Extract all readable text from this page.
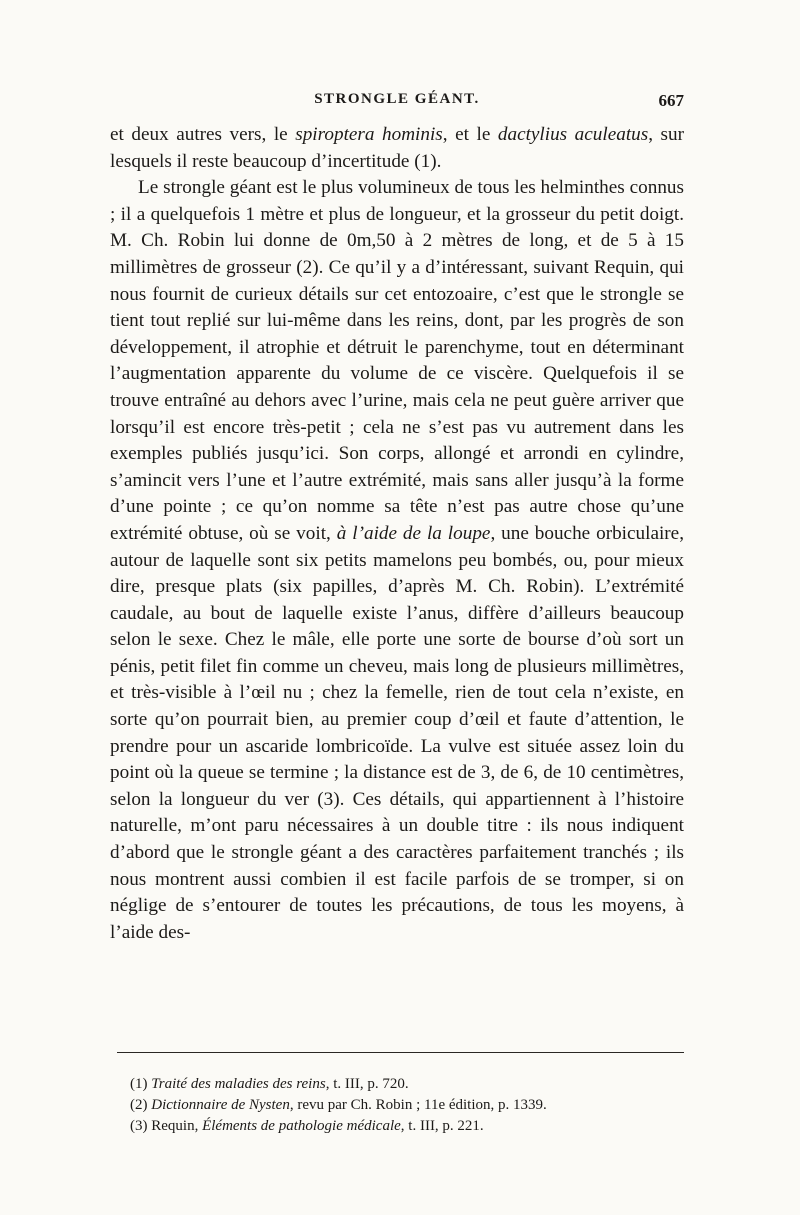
STRONGLE GÉANT.	667

et deux autres vers, le spiroptera hominis, et le dactylius aculeatus, sur lesquels il reste beaucoup d’incertitude (1).

Le strongle géant est le plus volumineux de tous les helminthes connus ; il a quelquefois 1 mètre et plus de longueur, et la grosseur du petit doigt. M. Ch. Robin lui donne de 0m,50 à 2 mètres de long, et de 5 à 15 millimètres de grosseur (2). Ce qu’il y a d’intéressant, suivant Requin, qui nous fournit de curieux détails sur cet entozoaire, c’est que le strongle se tient tout replié sur lui-même dans les reins, dont, par les progrès de son développement, il atrophie et détruit le parenchyme, tout en déterminant l’augmentation apparente du volume de ce viscère. Quelquefois il se trouve entraîné au dehors avec l’urine, mais cela ne peut guère arriver que lorsqu’il est encore très-petit ; cela ne s’est pas vu autrement dans les exemples publiés jusqu’ici. Son corps, allongé et arrondi en cylindre, s’amincit vers l’une et l’autre extrémité, mais sans aller jusqu’à la forme d’une pointe ; ce qu’on nomme sa tête n’est pas autre chose qu’une extrémité obtuse, où se voit, à l’aide de la loupe, une bouche orbiculaire, autour de laquelle sont six petits mamelons peu bombés, ou, pour mieux dire, presque plats (six papilles, d’après M. Ch. Robin). L’extrémité caudale, au bout de laquelle existe l’anus, diffère d’ailleurs beaucoup selon le sexe. Chez le mâle, elle porte une sorte de bourse d’où sort un pénis, petit filet fin comme un cheveu, mais long de plusieurs millimètres, et très-visible à l’œil nu ; chez la femelle, rien de tout cela n’existe, en sorte qu’on pourrait bien, au premier coup d’œil et faute d’attention, le prendre pour un ascaride lombricoïde. La vulve est située assez loin du point où la queue se termine ; la distance est de 3, de 6, de 10 centimètres, selon la longueur du ver (3). Ces détails, qui appartiennent à l’histoire naturelle, m’ont paru nécessaires à un double titre : ils nous indiquent d’abord que le strongle géant a des caractères parfaitement tranchés ; ils nous montrent aussi combien il est facile parfois de se tromper, si on néglige de s’entourer de toutes les précautions, de tous les moyens, à l’aide des-

(1) Traité des maladies des reins, t. III, p. 720.
(2) Dictionnaire de Nysten, revu par Ch. Robin ; 11e édition, p. 1339.
(3) Requin, Éléments de pathologie médicale, t. III, p. 221.
